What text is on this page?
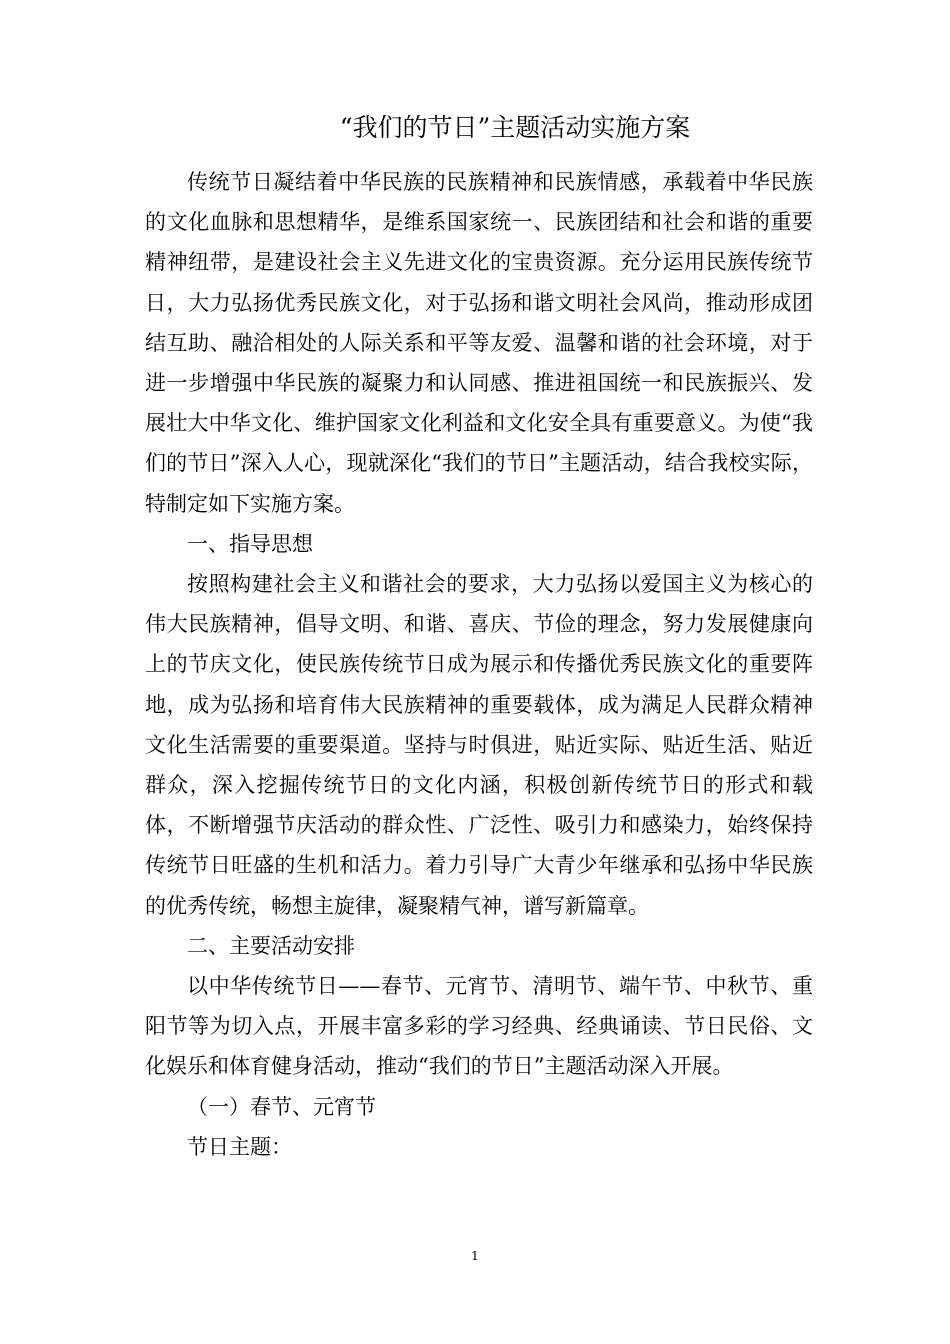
“我们的节日”主题活动实施方案

传统节日凝结着中华民族的民族精神和民族情感，承载着中华民族的文化血脉和思想精华，是维系国家统一、民族团结和社会和谐的重要精神纽带，是建设社会主义先进文化的宝贵资源。充分运用民族传统节日，大力弘扬优秀民族文化，对于弘扬和谐文明社会风尚，推动形成团结互助、融洽相处的人际关系和平等友爱、温馨和谐的社会环境，对于进一步增强中华民族的凝聚力和认同感、推进祖国统一和民族振兴、发展壮大中华文化、维护国家文化利益和文化安全具有重要意义。为使“我们的节日”深入人心，现就深化“我们的节日”主题活动，结合我校实际，特制定如下实施方案。

一、指导思想

按照构建社会主义和谐社会的要求，大力弘扬以爱国主义为核心的伟大民族精神，倡导文明、和谐、喜庆、节俭的理念，努力发展健康向上的节庆文化，使民族传统节日成为展示和传播优秀民族文化的重要阵地，成为弘扬和培育伟大民族精神的重要载体，成为满足人民群众精神文化生活需要的重要渠道。坚持与时俱进，贴近实际、贴近生活、贴近群众，深入挖掘传统节日的文化内涵，积极创新传统节日的形式和载体，不断增强节庆活动的群众性、广泛性、吸引力和感染力，始终保持传统节日旺盛的生机和活力。着力引导广大青少年继承和弘扬中华民族的优秀传统，畅想主旋律，凝聚精气神，谱写新篇章。

二、主要活动安排

以中华传统节日——春节、元宵节、清明节、端午节、中秋节、重阳节等为切入点，开展丰富多彩的学习经典、经典诵读、节日民俗、文化娱乐和体育健身活动，推动“我们的节日”主题活动深入开展。

（一）春节、元宵节

节日主题：

1
